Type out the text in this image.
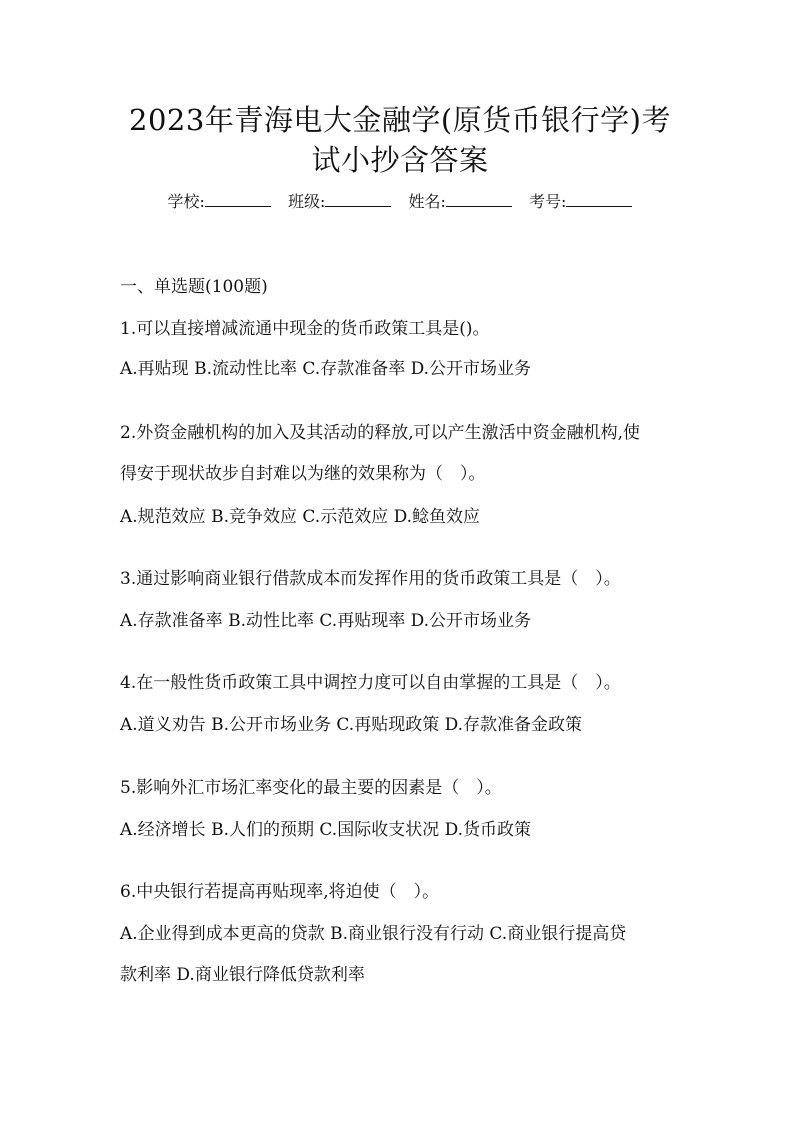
2023年青海电大金融学(原货币银行学)考
试小抄含答案
学校:	班级:	姓名:	考号:
一、单选题(100题)
1.可以直接增减流通中现金的货币政策工具是()。
A.再贴现 B.流动性比率 C.存款准备率 D.公开市场业务
2.外资金融机构的加入及其活动的释放,可以产生激活中资金融机构,使
得安于现状故步自封难以为继的效果称为（　）。
A.规范效应 B.竞争效应 C.示范效应 D.鲶鱼效应
3.通过影响商业银行借款成本而发挥作用的货币政策工具是（　）。
A.存款准备率 B.动性比率 C.再贴现率 D.公开市场业务
4.在一般性货币政策工具中调控力度可以自由掌握的工具是（　）。
A.道义劝告 B.公开市场业务 C.再贴现政策 D.存款准备金政策
5.影响外汇市场汇率变化的最主要的因素是（　）。
A.经济增长 B.人们的预期 C.国际收支状况 D.货币政策
6.中央银行若提高再贴现率,将迫使（　）。
A.企业得到成本更高的贷款 B.商业银行没有行动 C.商业银行提高贷
款利率 D.商业银行降低贷款利率
